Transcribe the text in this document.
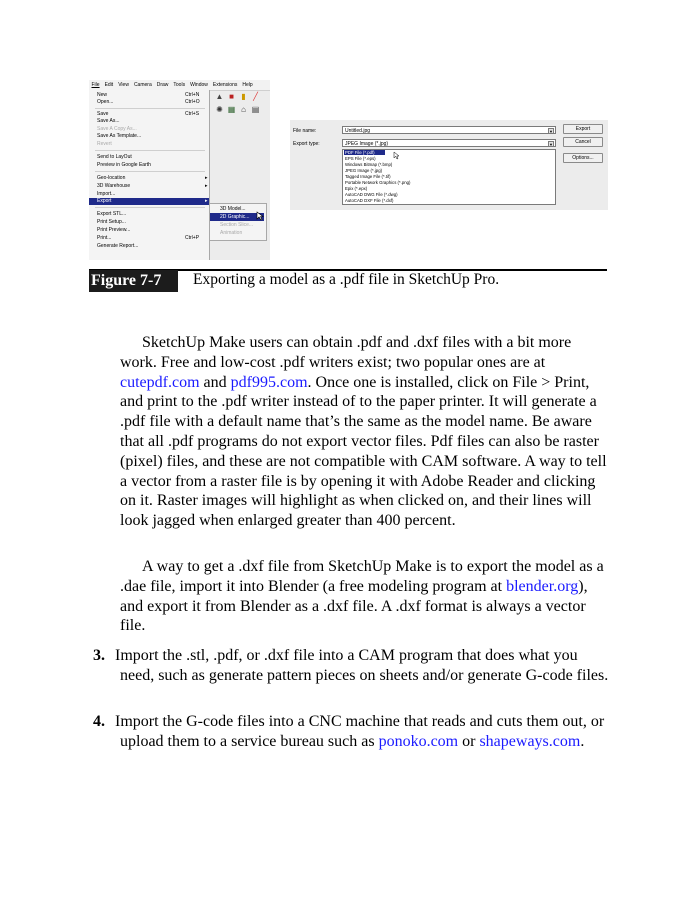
File Edit View Camera Draw Tools Window Extensions Help
▲ ■ ▮ ╱
✺ ▦ ⌂ ▤
New	Ctrl+N
Open...	Ctrl+O
Save	Ctrl+S
Save As...
Save A Copy As...
Save As Template...
Revert
Send to LayOut
Preview in Google Earth
Geo-location	▸
3D Warehouse	▸
Import...
Export	▸
Export STL...
Print Setup...
Print Preview...
Print...	Ctrl+P
Generate Report...
3D Model...
2D Graphic...
Section Slice...
Animation
File name:	Untitled.jpg	▼
Export type:	JPEG Image (*.jpg)	▼
PDF File (*.pdf)
EPS File (*.eps)
Windows Bitmap (*.bmp)
JPEG Image (*.jpg)
Tagged Image File (*.tif)
Portable Network Graphics (*.png)
Epix (*.epx)
AutoCAD DWG File (*.dwg)
AutoCAD DXF File (*.dxf)
Export
Cancel
Options...
Figure 7-7	Exporting a model as a .pdf file in SketchUp Pro.

SketchUp Make users can obtain .pdf and .dxf files with a bit more work. Free and low-cost .pdf writers exist; two popular ones are at cutepdf.com and pdf995.com. Once one is installed, click on File > Print, and print to the .pdf writer instead of to the paper printer. It will generate a .pdf file with a default name that’s the same as the model name. Be aware that all .pdf programs do not export vector files. Pdf files can also be raster (pixel) files, and these are not compatible with CAM software. A way to tell a vector from a raster file is by opening it with Adobe Reader and clicking on it. Raster images will highlight as when clicked on, and their lines will look jagged when enlarged greater than 400 percent.

A way to get a .dxf file from SketchUp Make is to export the model as a .dae file, import it into Blender (a free modeling program at blender.org), and export it from Blender as a .dxf file. A .dxf format is always a vector file.

3. Import the .stl, .pdf, or .dxf file into a CAM program that does what you need, such as generate pattern pieces on sheets and/or generate G-code files.

4. Import the G-code files into a CNC machine that reads and cuts them out, or upload them to a service bureau such as ponoko.com or shapeways.com.
